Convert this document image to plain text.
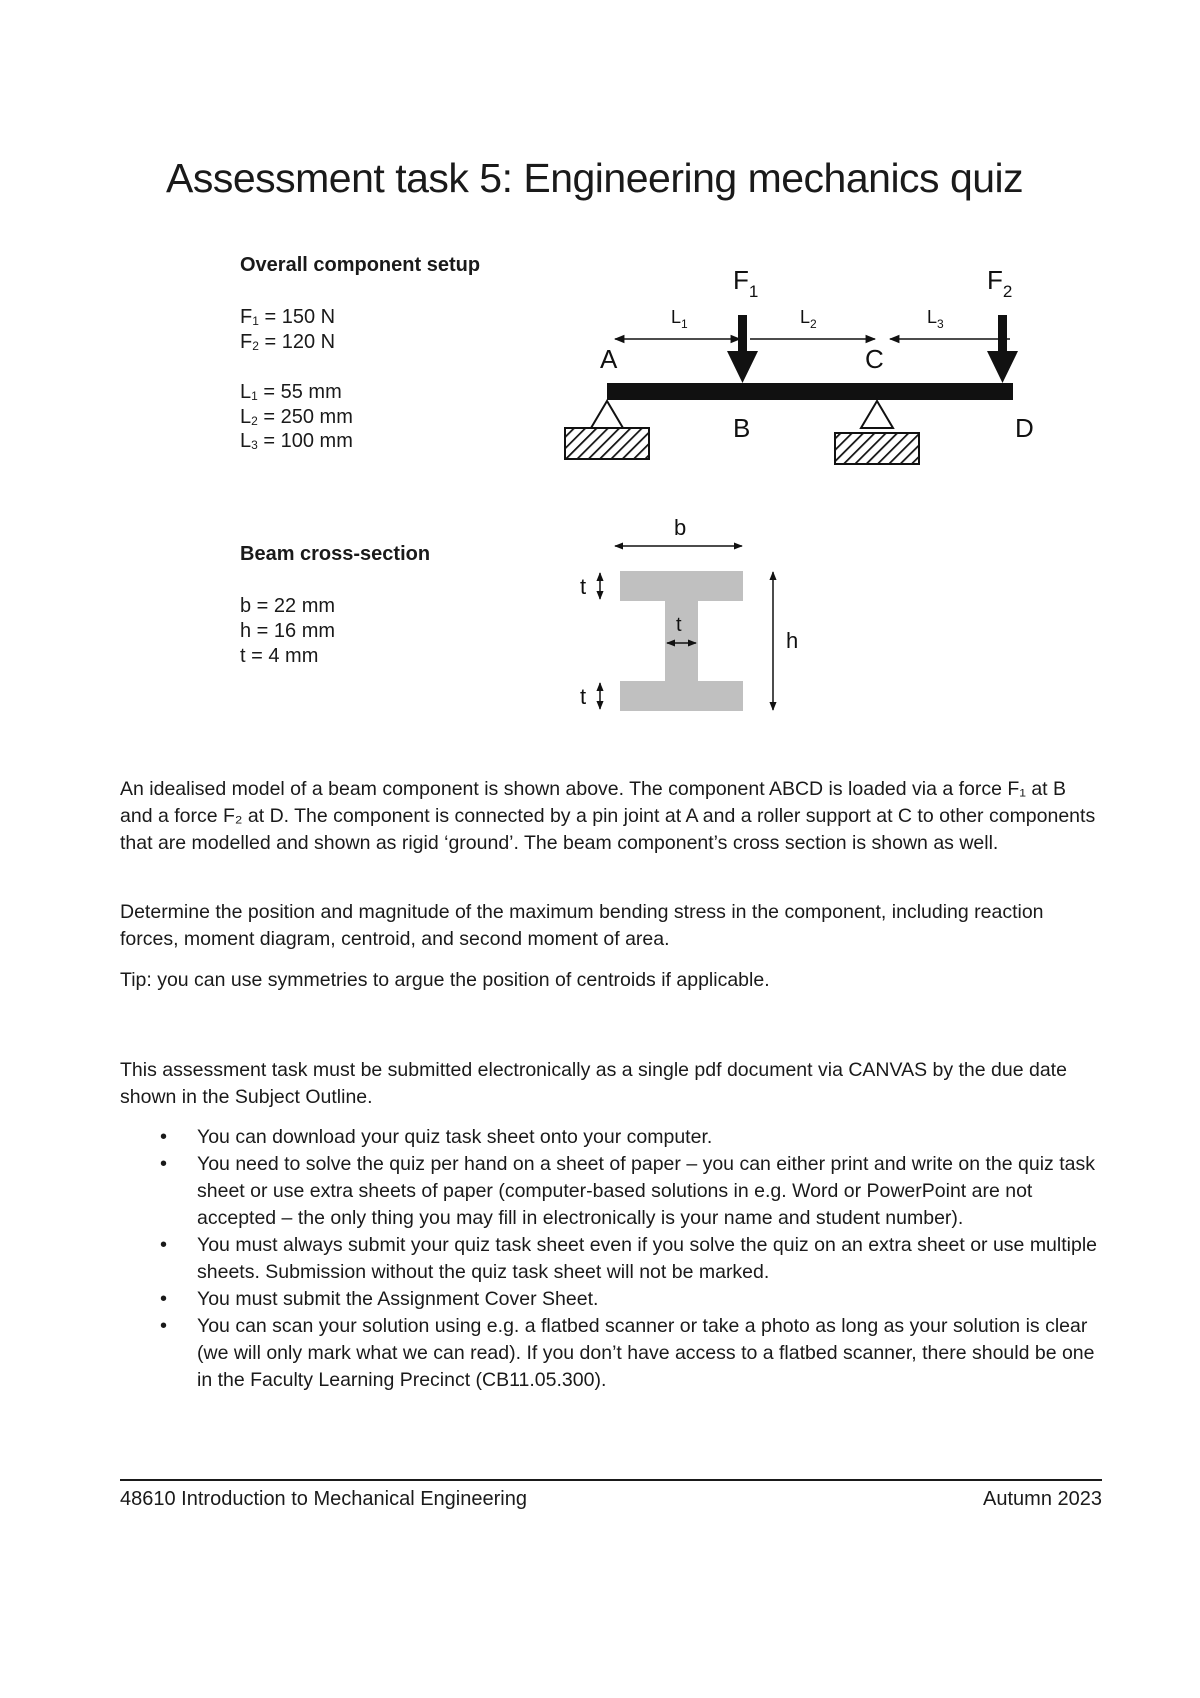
Assessment task 5: Engineering mechanics quiz
Overall component setup
$F_1 = 150$ N
$F_2 = 120$ N
$L_1 = 55$ mm
$L_2 = 250$ mm
$L_3 = 100$ mm
$L_1$	$L_2$	$L_3$
$F_1$	$F_2$
A
B
C
D
Beam cross-section
b = 22 mm
h = 16 mm
t = 4 mm
b
h
t
t
t

An idealised model of a beam component is shown above. The component ABCD is loaded via a force F₁ at B and a force F₂ at D. The component is connected by a pin joint at A and a roller support at C to other components that are modelled and shown as rigid ‘ground’. The beam component’s cross section is shown as well.

Determine the position and magnitude of the maximum bending stress in the component, including reaction forces, moment diagram, centroid, and second moment of area.

Tip: you can use symmetries to argue the position of centroids if applicable.

This assessment task must be submitted electronically as a single pdf document via CANVAS by the due date shown in the Subject Outline.

• You can download your quiz task sheet onto your computer.
• You need to solve the quiz per hand on a sheet of paper – you can either print and write on the quiz task sheet or use extra sheets of paper (computer-based solutions in e.g. Word or PowerPoint are not accepted – the only thing you may fill in electronically is your name and student number).
• You must always submit your quiz task sheet even if you solve the quiz on an extra sheet or use multiple sheets. Submission without the quiz task sheet will not be marked.
• You must submit the Assignment Cover Sheet.
• You can scan your solution using e.g. a flatbed scanner or take a photo as long as your solution is clear (we will only mark what we can read). If you don’t have access to a flatbed scanner, there should be one in the Faculty Learning Precinct (CB11.05.300).
48610 Introduction to Mechanical Engineering	Autumn 2023
